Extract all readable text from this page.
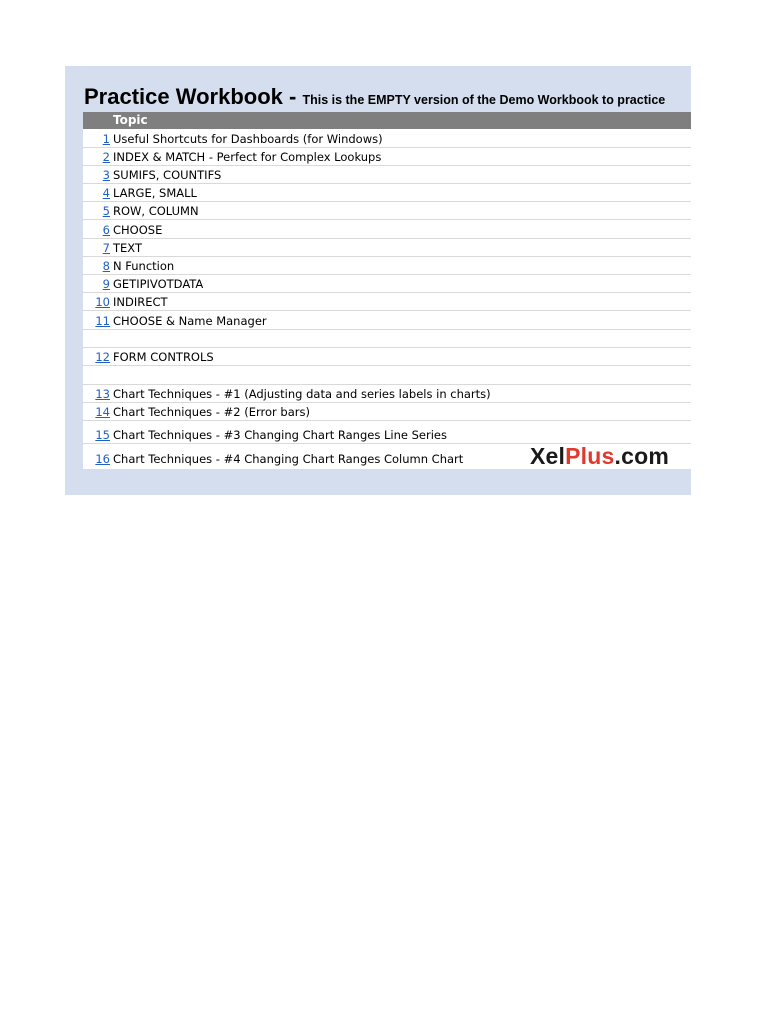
Practice Workbook - This is the EMPTY version of the Demo Workbook to practice
Topic
1 Useful Shortcuts for Dashboards (for Windows)
2 INDEX & MATCH - Perfect for Complex Lookups
3 SUMIFS, COUNTIFS
4 LARGE, SMALL
5 ROW, COLUMN
6 CHOOSE
7 TEXT
8 N Function
9 GETIPIVOTDATA
10 INDIRECT
11 CHOOSE & Name Manager
12 FORM CONTROLS
13 Chart Techniques - #1 (Adjusting data and series labels in charts)
14 Chart Techniques - #2 (Error bars)
15 Chart Techniques - #3 Changing Chart Ranges Line Series
16 Chart Techniques - #4 Changing Chart Ranges Column Chart	XelPlus.com
